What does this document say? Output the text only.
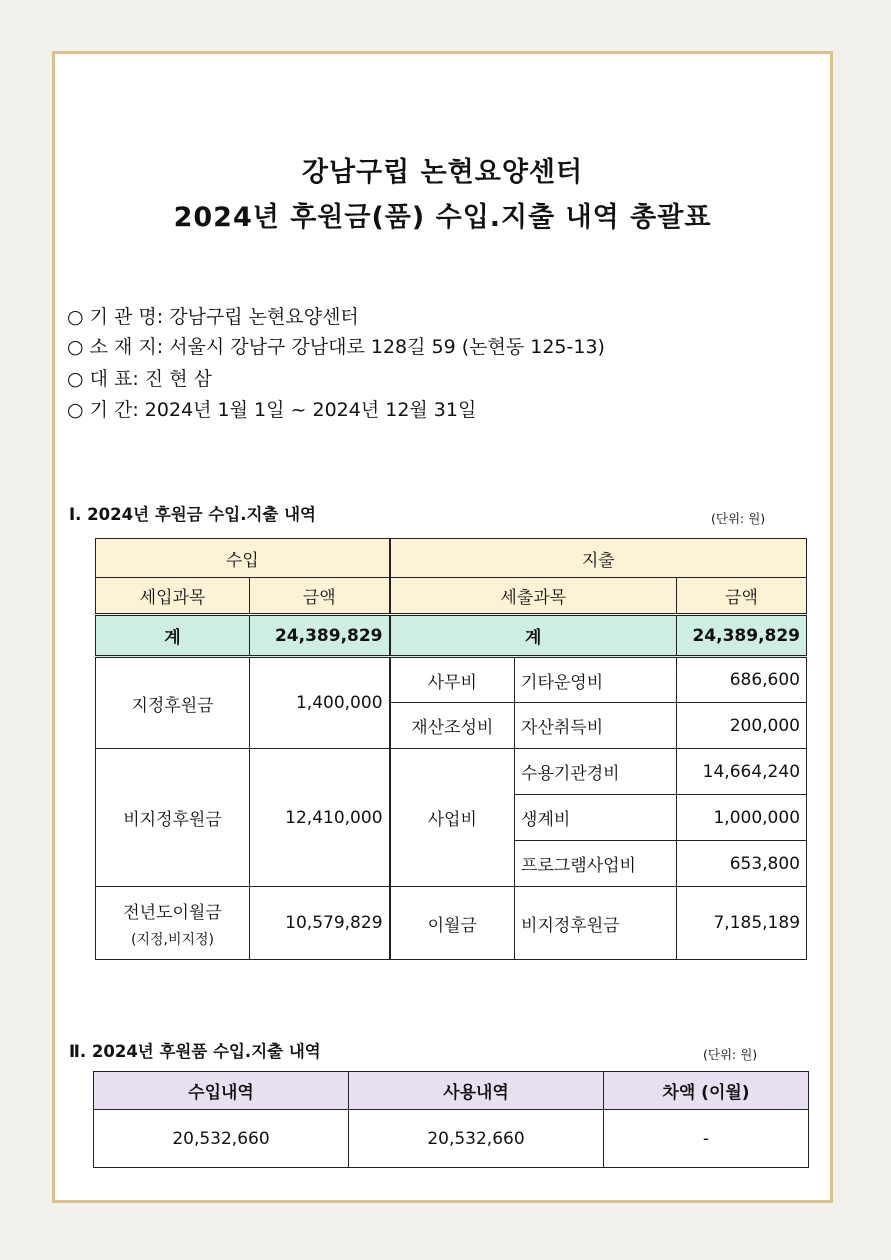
강남구립 논현요양센터
2024년 후원금(품) 수입.지출 내역 총괄표
○ 기 관 명: 강남구립 논현요양센터
○ 소 재 지: 서울시 강남구 강남대로 128길 59 (논현동 125-13)
○ 대 표: 진 현 삼
○ 기 간: 2024년 1월 1일 ~ 2024년 12월 31일
Ⅰ. 2024년 후원금 수입.지출 내역	(단위: 원)
수입		지출		
세입과목	금액	세출과목		금액
계	24,389,829	계		24,389,829
지정후원금	1,400,000	사무비	기타운영비	686,600
		재산조성비	자산취득비	200,000
비지정후원금	12,410,000	사업비	수용기관경비	14,664,240
			생계비	1,000,000
			프로그램사업비	653,800

전년도이월금
(지정,비지정)	10,579,829	이월금	비지정후원금	7,185,189
Ⅱ. 2024년 후원품 수입.지출 내역	(단위: 원)
수입내역	사용내역	차액 (이월)
20,532,660	20,532,660	-
